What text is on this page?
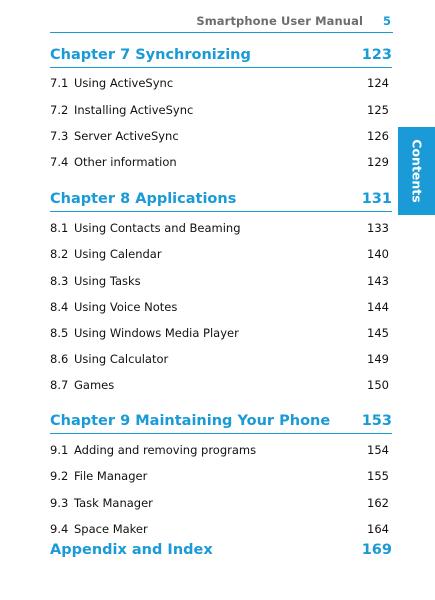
Smartphone User Manual 5
Contents
Chapter 7 Synchronizing	123
7.1 Using ActiveSync	124
7.2 Installing ActiveSync	125
7.3 Server ActiveSync	126
7.4 Other information	129
Chapter 8 Applications	131
8.1 Using Contacts and Beaming	133
8.2 Using Calendar	140
8.3 Using Tasks	143
8.4 Using Voice Notes	144
8.5 Using Windows Media Player	145
8.6 Using Calculator	149
8.7 Games	150
Chapter 9 Maintaining Your Phone 153
9.1 Adding and removing programs	154
9.2 File Manager	155
9.3 Task Manager	162
9.4 Space Maker	164
Appendix and Index	169
